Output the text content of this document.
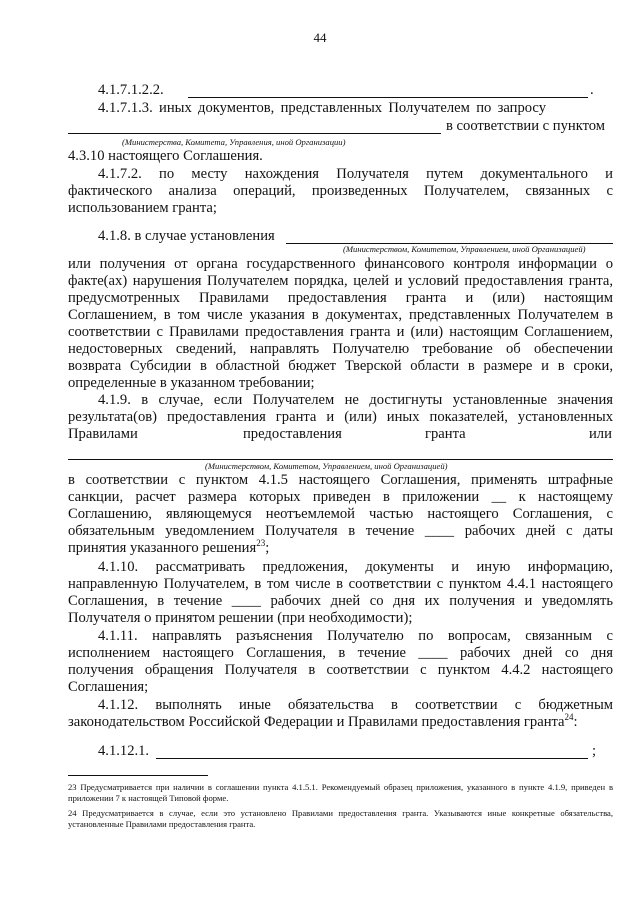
44
4.1.7.1.2.2.	.
4.1.7.1.3. иных документов, представленных Получателем по запросу
в соответствии с пунктом
(Министерства, Комитета, Управления, иной Организации)
4.3.10 настоящего Соглашения.
4.1.7.2. по месту нахождения Получателя путем документального и
фактического анализа операций, произведенных Получателем, связанных с
использованием гранта;
4.1.8. в случае установления
(Министерством, Комитетом, Управлением, иной Организацией)
или получения от органа государственного финансового контроля информации о
факте(ах) нарушения Получателем порядка, целей и условий предоставления гранта,
предусмотренных Правилами предоставления гранта и (или) настоящим
Соглашением, в том числе указания в документах, представленных Получателем в
соответствии с Правилами предоставления гранта и (или) настоящим Соглашением,
недостоверных сведений, направлять Получателю требование об обеспечении
возврата Субсидии в областной бюджет Тверской области в размере и в сроки,
определенные в указанном требовании;
4.1.9. в случае, если Получателем не достигнуты установленные значения
результата(ов) предоставления гранта и (или) иных показателей, установленных
Правилами	предоставления	гранта	или
(Министерством, Комитетом, Управлением, иной Организацией)
в соответствии с пунктом 4.1.5 настоящего Соглашения, применять штрафные
санкции, расчет размера которых приведен в приложении __ к настоящему
Соглашению, являющемуся неотъемлемой частью настоящего Соглашения, с
обязательным уведомлением Получателя в течение ____ рабочих дней с даты
принятия указанного решения$^{23}$;
4.1.10. рассматривать предложения, документы и иную информацию,
направленную Получателем, в том числе в соответствии с пунктом 4.4.1 настоящего
Соглашения, в течение ____ рабочих дней со дня их получения и уведомлять
Получателя о принятом решении (при необходимости);
4.1.11. направлять разъяснения Получателю по вопросам, связанным с
исполнением настоящего Соглашения, в течение ____ рабочих дней со дня
получения обращения Получателя в соответствии с пунктом 4.4.2 настоящего
Соглашения;
4.1.12. выполнять иные обязательства в соответствии с бюджетным
законодательством Российской Федерации и Правилами предоставления гранта$^{24}$:
4.1.12.1.	;
23 Предусматривается при наличии в соглашении пункта 4.1.5.1. Рекомендуемый образец приложения, указанного в пункте 4.1.9, приведен в приложении 7 к настоящей Типовой форме.
24 Предусматривается в случае, если это установлено Правилами предоставления гранта. Указываются иные конкретные обязательства, установленные Правилами предоставления гранта.
